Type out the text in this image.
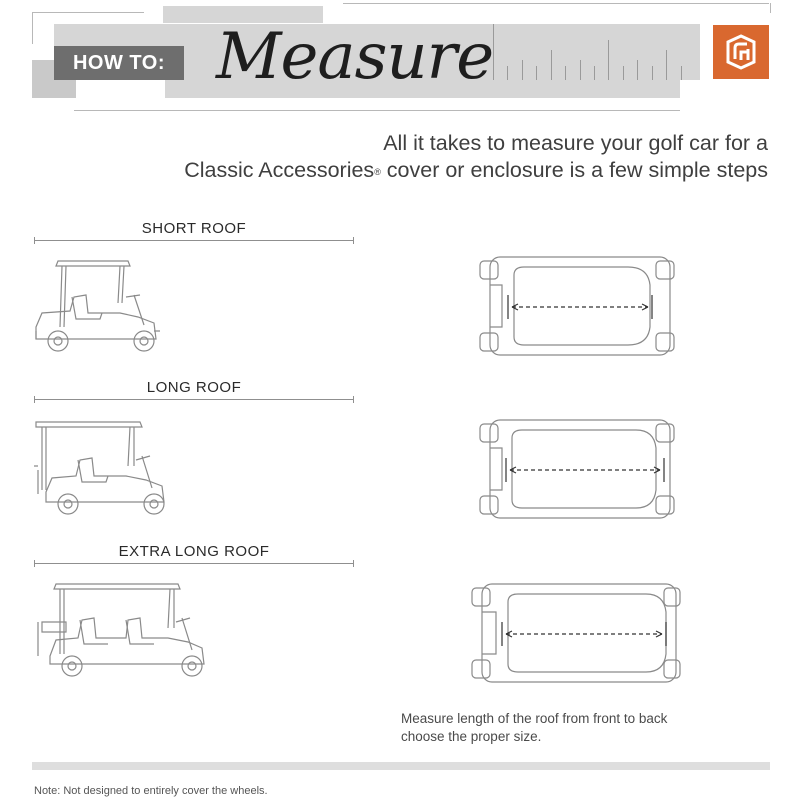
HOW TO: Measure
All it takes to measure your golf car for a
Classic Accessories® cover or enclosure is a few simple steps
SHORT ROOF
LONG ROOF
EXTRA LONG ROOF
Measure length of the roof from front to back
choose the proper size.
Note: Not designed to entirely cover the wheels.
